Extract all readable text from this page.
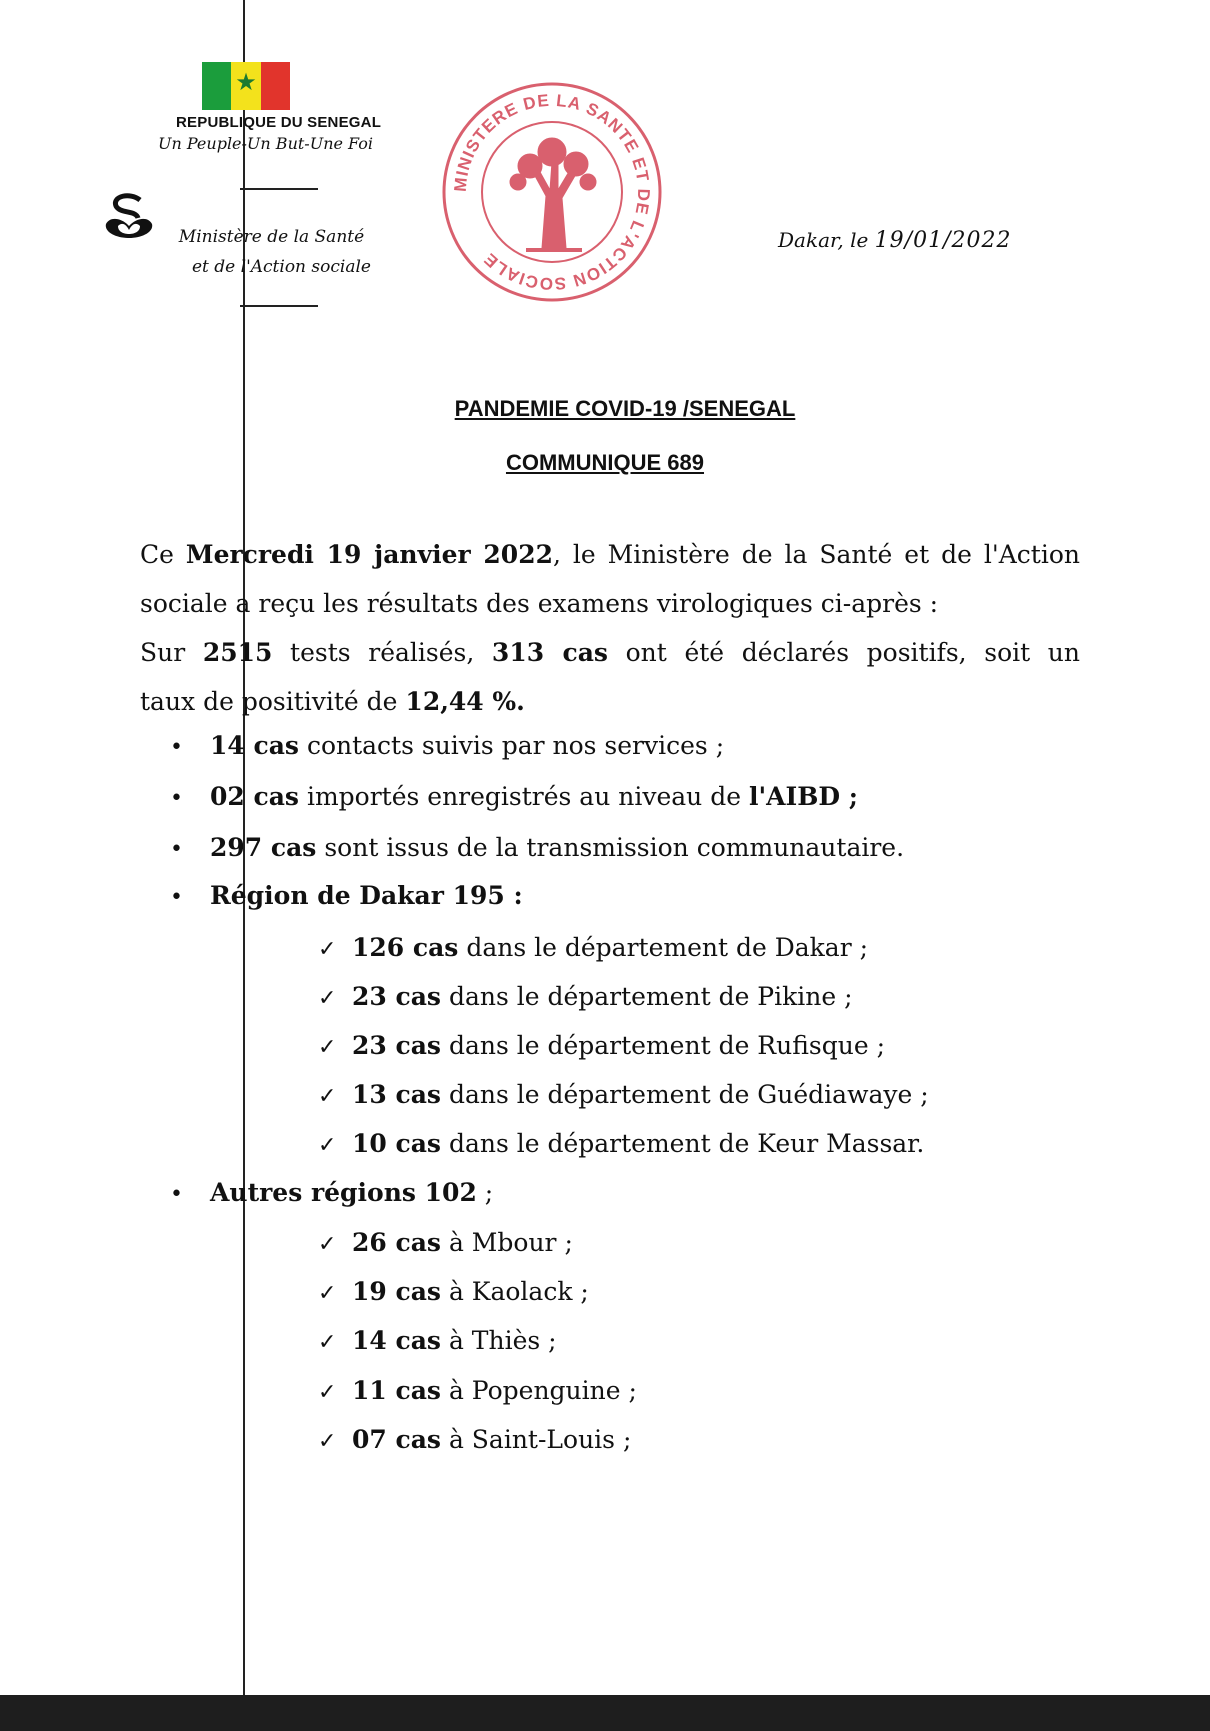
★
REPUBLIQUE DU SENEGAL
Un Peuple-Un But-Une Foi
Ministère de la Santé
et de l'Action sociale
MINISTERE DE LA SANTE ET DE L'ACTION SOCIALE
Dakar, le 19/01/2022
PANDEMIE COVID-19 /SENEGAL
COMMUNIQUE 689
Ce Mercredi 19 janvier 2022, le Ministère de la Santé et de l'Action
sociale a reçu les résultats des examens virologiques ci-après :
Sur 2515 tests réalisés, 313 cas ont été déclarés positifs, soit un
taux de positivité de 12,44 %.
• 14 cas contacts suivis par nos services ;
• 02 cas importés enregistrés au niveau de l'AIBD ;
• 297 cas sont issus de la transmission communautaire.
• Région de Dakar 195 :
✓ 126 cas dans le département de Dakar ;
✓ 23 cas dans le département de Pikine ;
✓ 23 cas dans le département de Rufisque ;
✓ 13 cas dans le département de Guédiawaye ;
✓ 10 cas dans le département de Keur Massar.
• Autres régions 102 ;
✓ 26 cas à Mbour ;
✓ 19 cas à Kaolack ;
✓ 14 cas à Thiès ;
✓ 11 cas à Popenguine ;
✓ 07 cas à Saint-Louis ;
